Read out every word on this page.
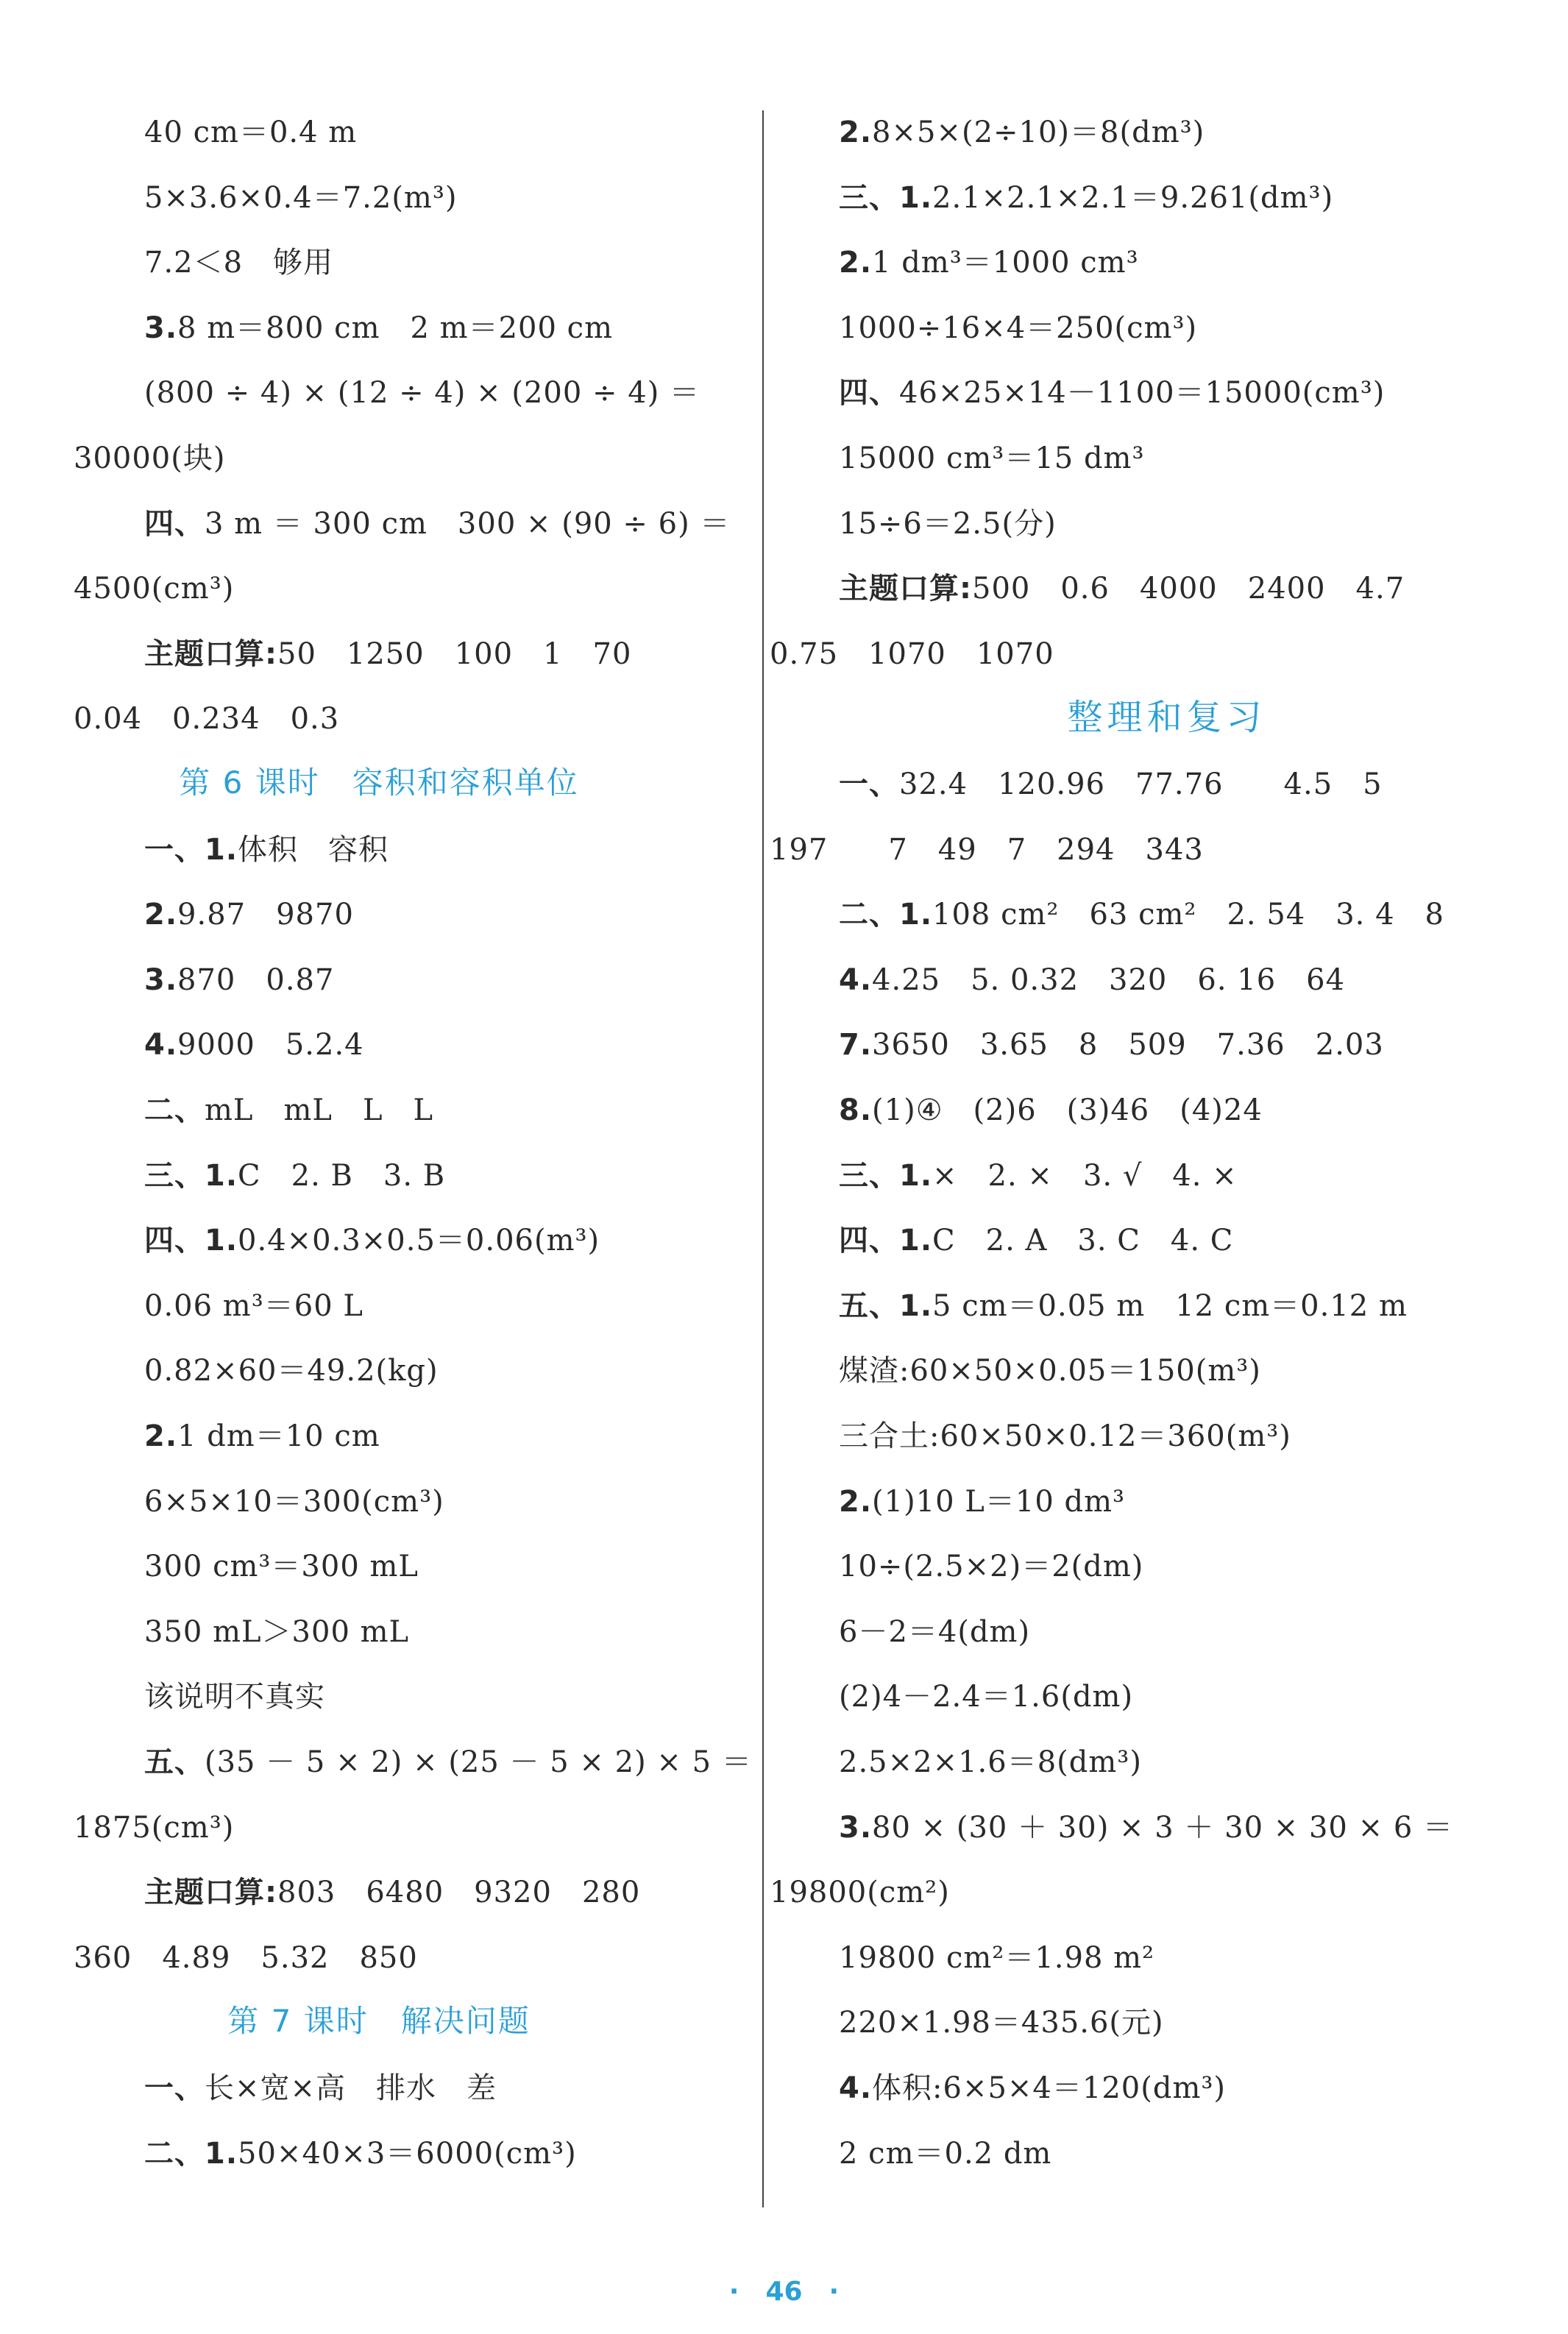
40 cm＝0.4 m
5×3.6×0.4＝7.2(m³)
7.2＜8　够用
3.8 m＝800 cm　2 m＝200 cm
(800 ÷ 4) × (12 ÷ 4) × (200 ÷ 4) ＝
30000(块)
四、3 m ＝ 300 cm　300 × (90 ÷ 6) ＝
4500(cm³)
主题口算:50　1250　100　1　70
0.04　0.234　0.3
第 6 课时　容积和容积单位
一、1.体积　容积
2.9.87　9870
3.870　0.87
4.9000　5.2.4
二、mL　mL　L　L
三、1.C　2. B　3. B
四、1.0.4×0.3×0.5＝0.06(m³)
0.06 m³＝60 L
0.82×60＝49.2(kg)
2.1 dm＝10 cm
6×5×10＝300(cm³)
300 cm³＝300 mL
350 mL＞300 mL
该说明不真实
五、(35 － 5 × 2) × (25 － 5 × 2) × 5 ＝
1875(cm³)
主题口算:803　6480　9320　280
360　4.89　5.32　850
第 7 课时　解决问题
一、长×宽×高　排水　差
二、1.50×40×3＝6000(cm³)
2.8×5×(2÷10)＝8(dm³)
三、1.2.1×2.1×2.1＝9.261(dm³)
2.1 dm³＝1000 cm³
1000÷16×4＝250(cm³)
四、46×25×14－1100＝15000(cm³)
15000 cm³＝15 dm³
15÷6＝2.5(分)
主题口算:500　0.6　4000　2400　4.7
0.75　1070　1070
整理和复习
一、32.4　120.96　77.76　　4.5　5
197　　7　49　7　294　343
二、1.108 cm²　63 cm²　2. 54　3. 4　8
4.4.25　5. 0.32　320　6. 16　64
7.3650　3.65　8　509　7.36　2.03
8.(1)④　(2)6　(3)46　(4)24
三、1.×　2. ×　3. √　4. ×
四、1.C　2. A　3. C　4. C
五、1.5 cm＝0.05 m　12 cm＝0.12 m
煤渣:60×50×0.05＝150(m³)
三合土:60×50×0.12＝360(m³)
2.(1)10 L＝10 dm³
10÷(2.5×2)＝2(dm)
6－2＝4(dm)
(2)4－2.4＝1.6(dm)
2.5×2×1.6＝8(dm³)
3.80 × (30 ＋ 30) × 3 ＋ 30 × 30 × 6 ＝
19800(cm²)
19800 cm²＝1.98 m²
220×1.98＝435.6(元)
4.体积:6×5×4＝120(dm³)
2 cm＝0.2 dm
· 46 ·
